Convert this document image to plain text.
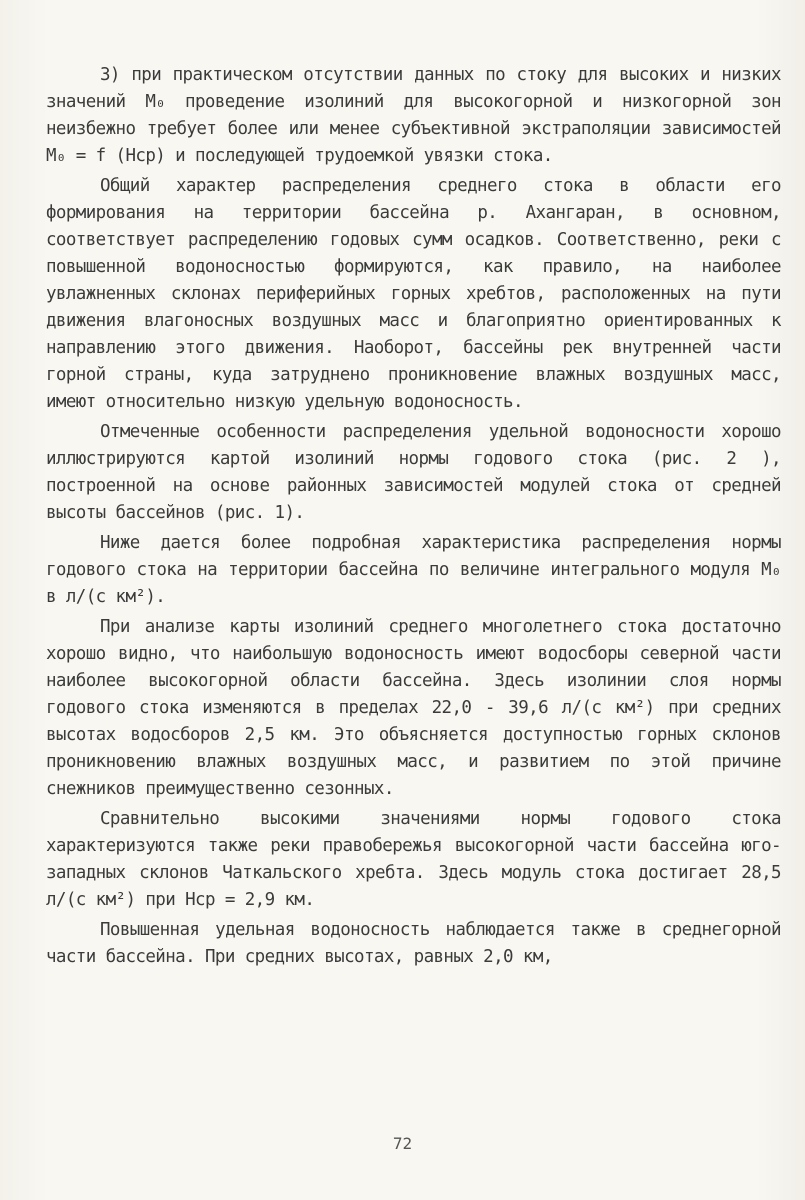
3) при практическом отсутствии данных по стоку для высоких и низких значений M₀ проведение изолиний для высокогорной и низкогорной зон неизбежно требует более или менее субъективной экстраполяции зависимостей M₀ = f (Hср) и последующей трудоемкой увязки стока.

Общий характер распределения среднего стока в области его формирования на территории бассейна р. Ахангаран, в основном, соответствует распределению годовых сумм осадков. Соответственно, реки с повышенной водоносностью формируются, как правило, на наиболее увлажненных склонах периферийных горных хребтов, расположенных на пути движения влагоносных воздушных масс и благоприятно ориентированных к направлению этого движения. Наоборот, бассейны рек внутренней части горной страны, куда затруднено проникновение влажных воздушных масс, имеют относительно низкую удельную водоносность.

Отмеченные особенности распределения удельной водоносности хорошо иллюстрируются картой изолиний нормы годового стока (рис. 2 ), построенной на основе районных зависимостей модулей стока от средней высоты бассейнов (рис. 1).

Ниже дается более подробная характеристика распределения нормы годового стока на территории бассейна по величине интегрального модуля M₀ в л/(с км²).

При анализе карты изолиний среднего многолетнего стока достаточно хорошо видно, что наибольшую водоносность имеют водосборы северной части наиболее высокогорной области бассейна. Здесь изолинии слоя нормы годового стока изменяются в пределах 22,0 - 39,6 л/(с км²) при средних высотах водосборов 2,5 км. Это объясняется доступностью горных склонов проникновению влажных воздушных масс, и развитием по этой причине снежников преимущественно сезонных.

Сравнительно высокими значениями нормы годового стока характеризуются также реки правобережья высокогорной части бассейна юго-западных склонов Чаткальского хребта. Здесь модуль стока достигает 28,5 л/(с км²) при Hср = 2,9 км.

Повышенная удельная водоносность наблюдается также в среднегорной части бассейна. При средних высотах, равных 2,0 км,

72
